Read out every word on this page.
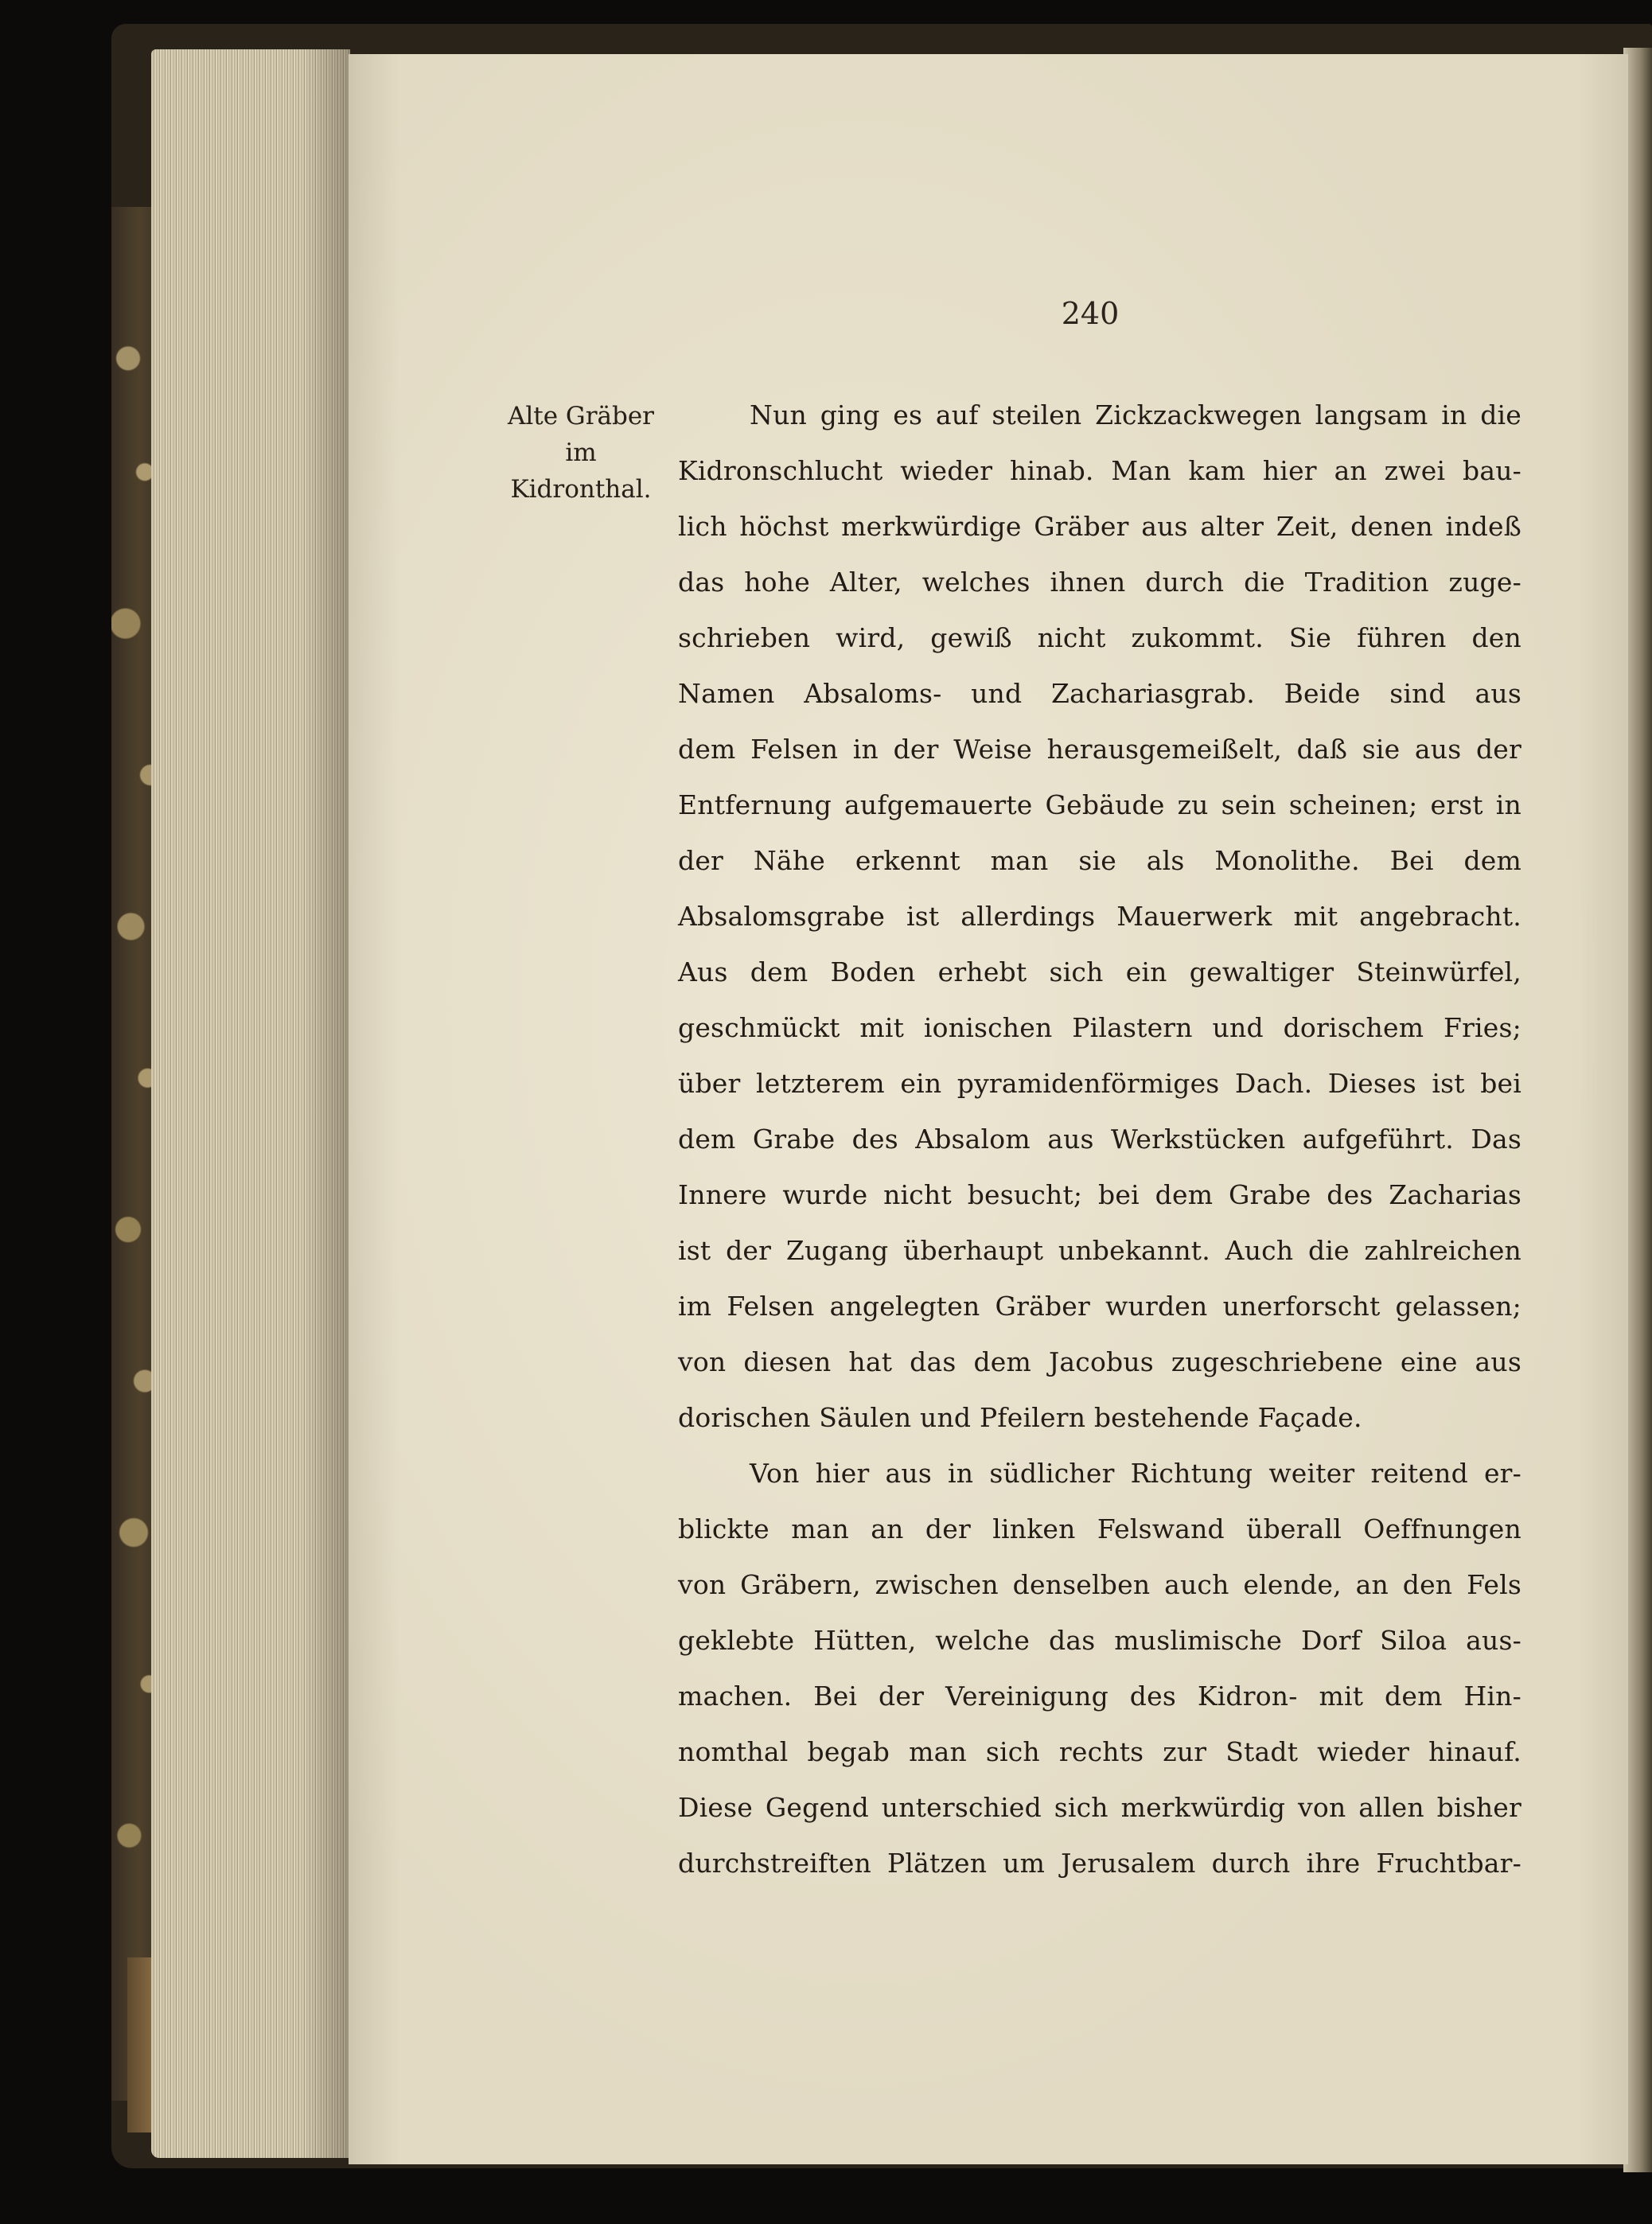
240
Alte Gräber
im
Kidronthal.
Nun ging es auf steilen Zickzackwegen langsam in die
Kidronschlucht wieder hinab. Man kam hier an zwei bau-
lich höchst merkwürdige Gräber aus alter Zeit, denen indeß
das hohe Alter, welches ihnen durch die Tradition zuge-
schrieben wird, gewiß nicht zukommt. Sie führen den
Namen Absaloms- und Zachariasgrab. Beide sind aus
dem Felsen in der Weise herausgemeißelt, daß sie aus der
Entfernung aufgemauerte Gebäude zu sein scheinen; erst in
der Nähe erkennt man sie als Monolithe. Bei dem
Absalomsgrabe ist allerdings Mauerwerk mit angebracht.
Aus dem Boden erhebt sich ein gewaltiger Steinwürfel,
geschmückt mit ionischen Pilastern und dorischem Fries;
über letzterem ein pyramidenförmiges Dach. Dieses ist bei
dem Grabe des Absalom aus Werkstücken aufgeführt. Das
Innere wurde nicht besucht; bei dem Grabe des Zacharias
ist der Zugang überhaupt unbekannt. Auch die zahlreichen
im Felsen angelegten Gräber wurden unerforscht gelassen;
von diesen hat das dem Jacobus zugeschriebene eine aus
dorischen Säulen und Pfeilern bestehende Façade.
Von hier aus in südlicher Richtung weiter reitend er-
blickte man an der linken Felswand überall Oeffnungen
von Gräbern, zwischen denselben auch elende, an den Fels
geklebte Hütten, welche das muslimische Dorf Siloa aus-
machen. Bei der Vereinigung des Kidron- mit dem Hin-
nomthal begab man sich rechts zur Stadt wieder hinauf.
Diese Gegend unterschied sich merkwürdig von allen bisher
durchstreiften Plätzen um Jerusalem durch ihre Fruchtbar-
